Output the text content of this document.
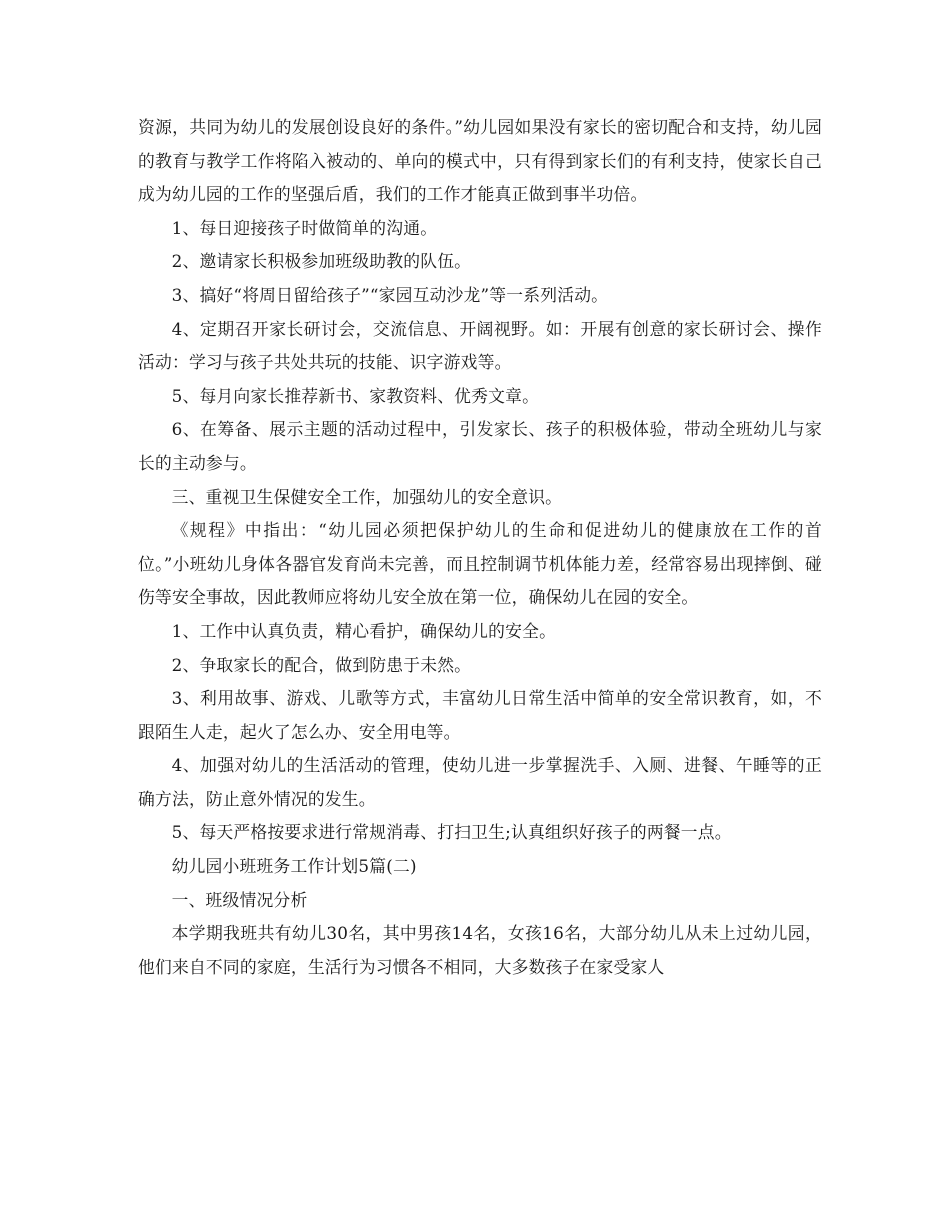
资源，共同为幼儿的发展创设良好的条件。”幼儿园如果没有家长的密切配合和支持，幼儿园的教育与教学工作将陷入被动的、单向的模式中，只有得到家长们的有利支持，使家长自己成为幼儿园的工作的坚强后盾，我们的工作才能真正做到事半功倍。

1、每日迎接孩子时做简单的沟通。

2、邀请家长积极参加班级助教的队伍。

3、搞好“将周日留给孩子”“家园互动沙龙”等一系列活动。

4、定期召开家长研讨会，交流信息、开阔视野。如：开展有创意的家长研讨会、操作活动：学习与孩子共处共玩的技能、识字游戏等。

5、每月向家长推荐新书、家教资料、优秀文章。

6、在筹备、展示主题的活动过程中，引发家长、孩子的积极体验，带动全班幼儿与家长的主动参与。

三、重视卫生保健安全工作，加强幼儿的安全意识。

《规程》中指出：“幼儿园必须把保护幼儿的生命和促进幼儿的健康放在工作的首位。”小班幼儿身体各器官发育尚未完善，而且控制调节机体能力差，经常容易出现摔倒、碰伤等安全事故，因此教师应将幼儿安全放在第一位，确保幼儿在园的安全。

1、工作中认真负责，精心看护，确保幼儿的安全。

2、争取家长的配合，做到防患于未然。

3、利用故事、游戏、儿歌等方式，丰富幼儿日常生活中简单的安全常识教育，如，不跟陌生人走，起火了怎么办、安全用电等。

4、加强对幼儿的生活活动的管理，使幼儿进一步掌握洗手、入厕、进餐、午睡等的正确方法，防止意外情况的发生。

5、每天严格按要求进行常规消毒、打扫卫生;认真组织好孩子的两餐一点。

幼儿园小班班务工作计划5篇(二)

一、班级情况分析

本学期我班共有幼儿30名，其中男孩14名，女孩16名，大部分幼儿从未上过幼儿园，他们来自不同的家庭，生活行为习惯各不相同，大多数孩子在家受家人
